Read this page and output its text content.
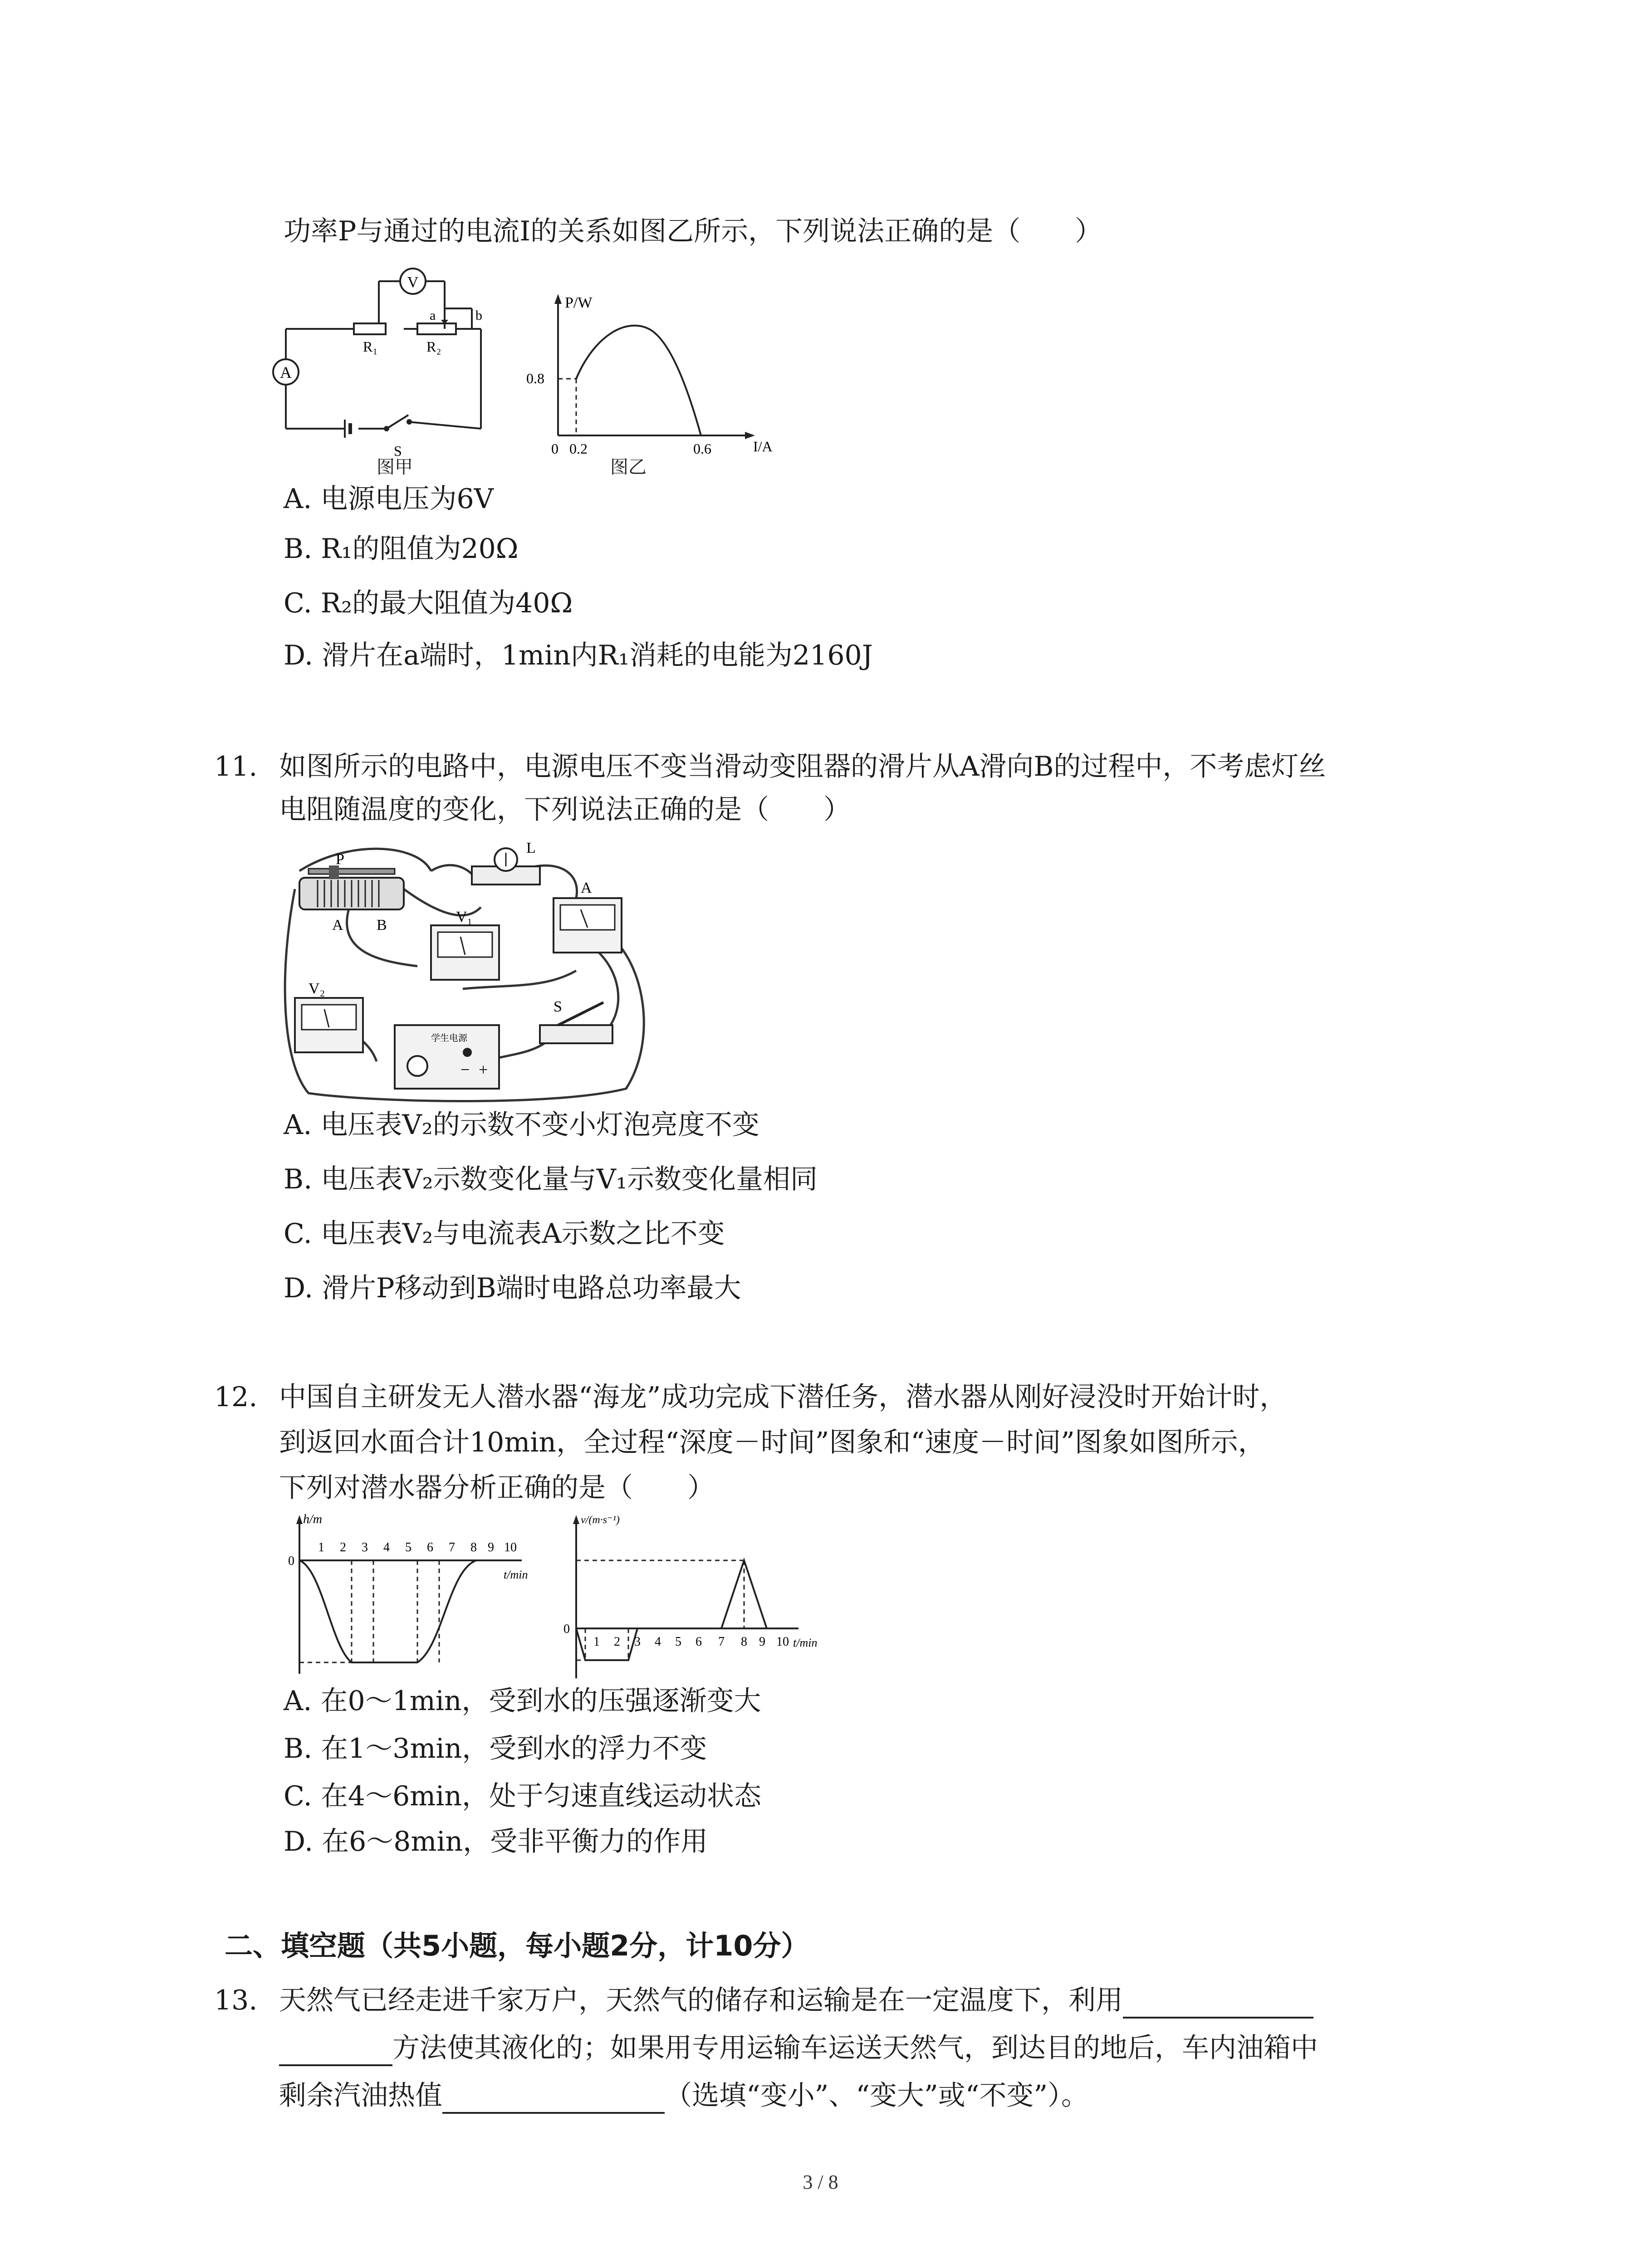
功率P与通过的电流I的关系如图乙所示，下列说法正确的是（　　）
A
V
R₁	R₂
a	b
S
图甲
P/W
I/A
0.8
0 0.2	0.6
图乙
A. 电源电压为6V
B. R₁的阻值为20Ω
C. R₂的最大阻值为40Ω
D. 滑片在a端时，1min内R₁消耗的电能为2160J
11. 如图所示的电路中，电源电压不变当滑动变阻器的滑片从A滑向B的过程中，不考虑灯丝
电阻随温度的变化，下列说法正确的是（　　）
P
A B
L
A
V₁
V₂
学生电源
− +
S
A. 电压表V₂的示数不变小灯泡亮度不变
B. 电压表V₂示数变化量与V₁示数变化量相同
C. 电压表V₂与电流表A示数之比不变
D. 滑片P移动到B端时电路总功率最大
12. 中国自主研发无人潜水器“海龙”成功完成下潜任务，潜水器从刚好浸没时开始计时，
到返回水面合计10min，全过程“深度－时间”图象和“速度－时间”图象如图所示，
下列对潜水器分析正确的是（　　）
h/m
t/min
0
1 2 3 4 5 6 7 8 9 10
v/(m·s⁻¹)
t/min
0
1 2 3 4 5 6 7 8 9 10
A. 在0～1min，受到水的压强逐渐变大
B. 在1～3min，受到水的浮力不变
C. 在4～6min，处于匀速直线运动状态
D. 在6～8min，受非平衡力的作用
二、填空题（共5小题，每小题2分，计10分）
13. 天然气已经走进千家万户，天然气的储存和运输是在一定温度下，利用
方法使其液化的；如果用专用运输车运送天然气，到达目的地后，车内油箱中
剩余汽油热值	（选填“变小”、“变大”或“不变”）。
3 / 8
